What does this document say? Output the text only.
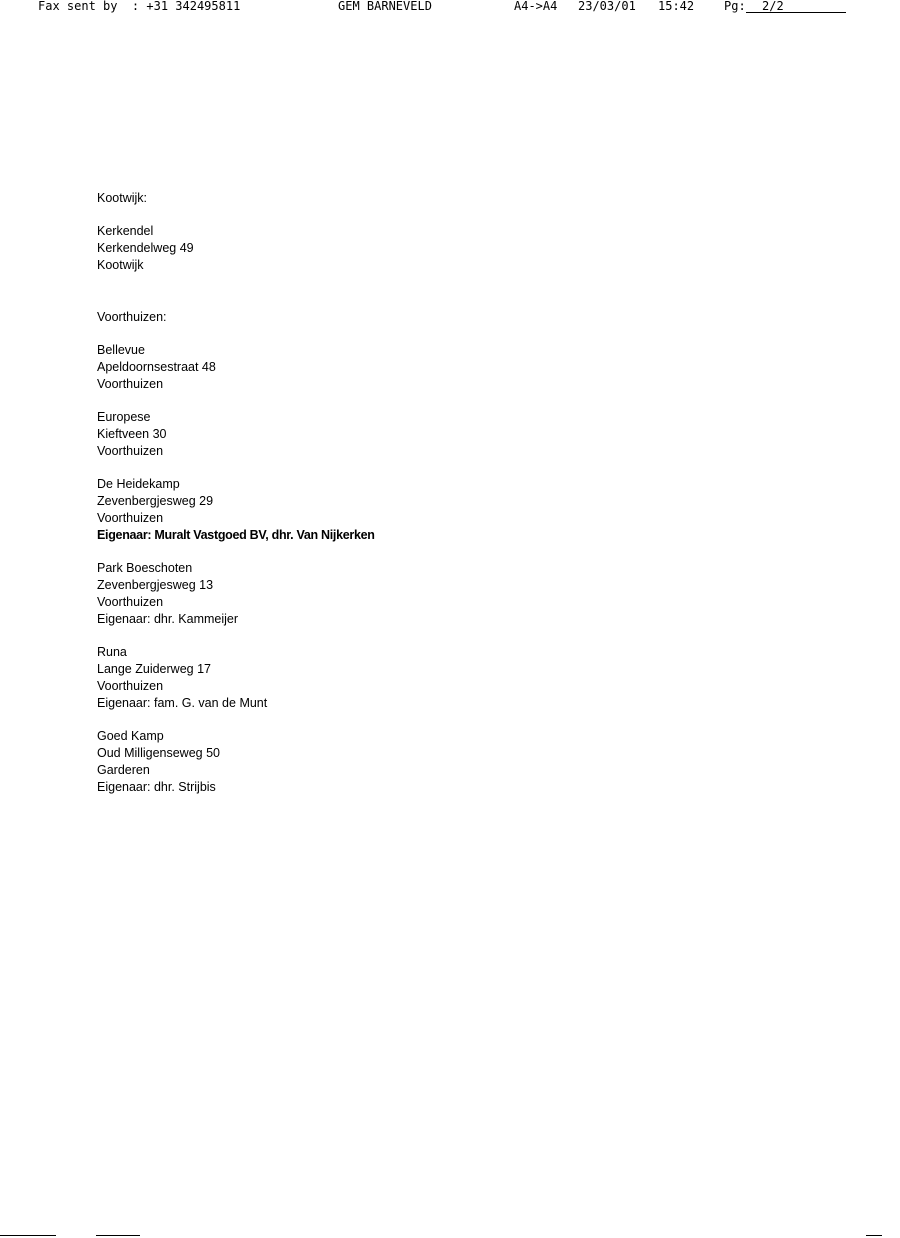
Fax sent by  : +31 342495811

	GEM BARNEVELD

	A4->A4

23/03/01

15:42

Pg:

	2/2

Kootwijk:
Kerkendel
Kerkendelweg 49
Kootwijk
Voorthuizen:
Bellevue
Apeldoornsestraat 48
Voorthuizen
Europese
Kieftveen 30
Voorthuizen
De Heidekamp
Zevenbergjesweg 29
Voorthuizen
Eigenaar: Muralt Vastgoed BV, dhr. Van Nijkerken
Park Boeschoten
Zevenbergjesweg 13
Voorthuizen
Eigenaar: dhr. Kammeijer
Runa
Lange Zuiderweg 17
Voorthuizen
Eigenaar: fam. G. van de Munt
Goed Kamp
Oud Milligenseweg 50
Garderen
Eigenaar: dhr. Strijbis
